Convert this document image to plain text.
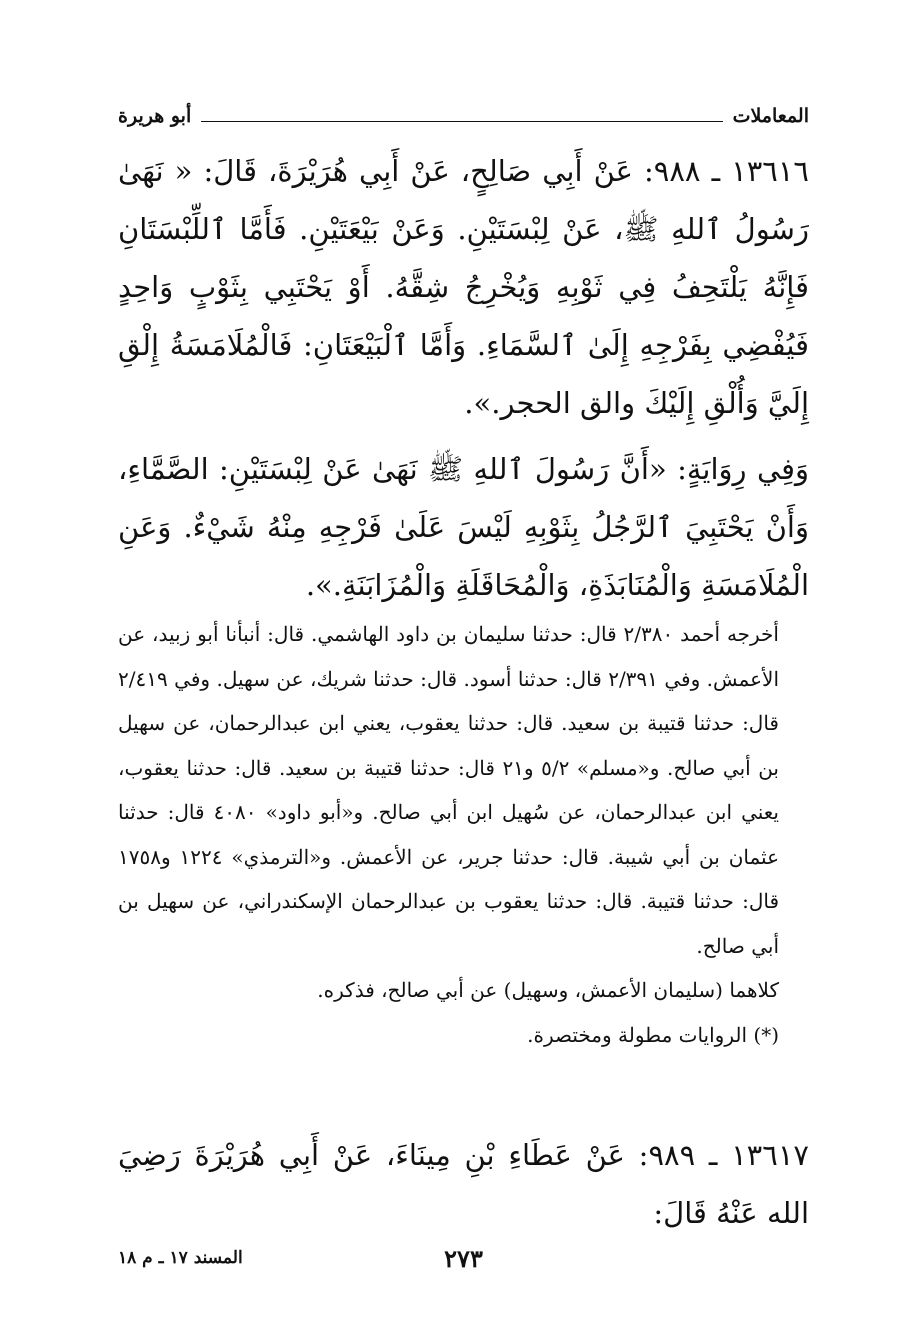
المعاملات
أبو هريرة

١٣٦١٦ ـ ٩٨٨: عَنْ أَبِي صَالِحٍ، عَنْ أَبِي هُرَيْرَةَ، قَالَ: « نَهَىٰ رَسُولُ ٱللهِ ﷺ، عَنْ لِبْسَتَيْنِ. وَعَنْ بَيْعَتَيْنِ. فَأَمَّا ٱللِّبْسَتَانِ فَإِنَّهُ يَلْتَحِفُ فِي ثَوْبِهِ وَيُخْرِجُ شِقَّهُ. أَوْ يَحْتَبِي بِثَوْبٍ وَاحِدٍ فَيُفْضِي بِفَرْجِهِ إِلَىٰ ٱلسَّمَاءِ. وَأَمَّا ٱلْبَيْعَتَانِ: فَالْمُلَامَسَةُ إِلْقِ إِلَيَّ وَأُلْقِ إِلَيْكَ والق الحجر.».

وَفِي رِوَايَةٍ: «أَنَّ رَسُولَ ٱللهِ ﷺ نَهَىٰ عَنْ لِبْسَتَيْنِ: الصَّمَّاءِ، وَأَنْ يَحْتَبِيَ ٱلرَّجُلُ بِثَوْبِهِ لَيْسَ عَلَىٰ فَرْجِهِ مِنْهُ شَيْءٌ. وَعَنِ الْمُلَامَسَةِ وَالْمُنَابَذَةِ، وَالْمُحَاقَلَةِ وَالْمُزَابَنَةِ.».

أخرجه أحمد ٢/٣٨٠ قال: حدثنا سليمان بن داود الهاشمي. قال: أنبأنا أبو زبيد، عن الأعمش. وفي ٢/٣٩١ قال: حدثنا أسود. قال: حدثنا شريك، عن سهيل. وفي ٢/٤١٩ قال: حدثنا قتيبة بن سعيد. قال: حدثنا يعقوب، يعني ابن عبدالرحمان، عن سهيل بن أبي صالح. و«مسلم» ٥/٢ و٢١ قال: حدثنا قتيبة بن سعيد. قال: حدثنا يعقوب، يعني ابن عبدالرحمان، عن سُهيل ابن أبي صالح. و«أبو داود» ٤٠٨٠ قال: حدثنا عثمان بن أبي شيبة. قال: حدثنا جرير، عن الأعمش. و«الترمذي» ١٢٢٤ و١٧٥٨ قال: حدثنا قتيبة. قال: حدثنا يعقوب بن عبدالرحمان الإسكندراني، عن سهيل بن أبي صالح.

كلاهما (سليمان الأعمش، وسهيل) عن أبي صالح، فذكره.

(*) الروايات مطولة ومختصرة.

١٣٦١٧ ـ ٩٨٩: عَنْ عَطَاءِ بْنِ مِينَاءَ، عَنْ أَبِي هُرَيْرَةَ رَضِيَ الله عَنْهُ قَالَ:

٢٧٣
المسند ١٧ ـ م ١٨
